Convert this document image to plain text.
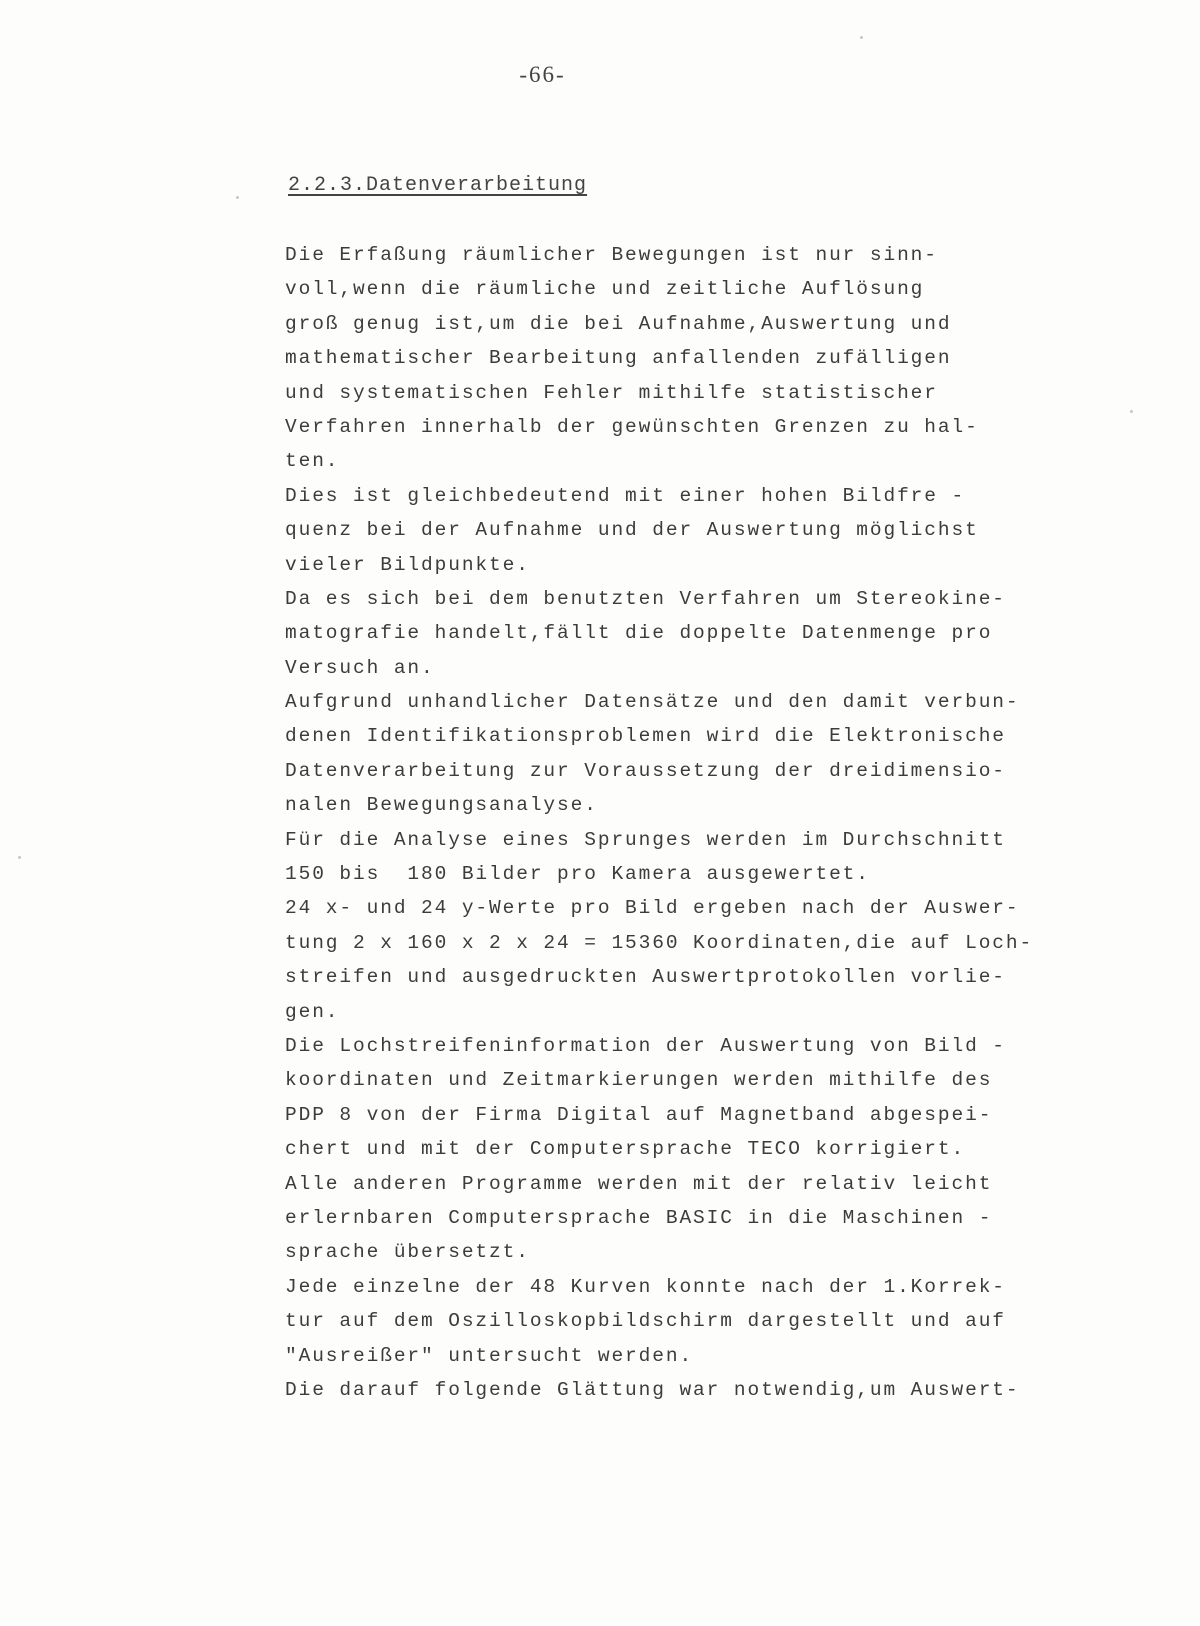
-66-
2.2.3.Datenverarbeitung
Die Erfaßung räumlicher Bewegungen ist nur sinn-
voll,wenn die räumliche und zeitliche Auflösung
groß genug ist,um die bei Aufnahme,Auswertung und
mathematischer Bearbeitung anfallenden zufälligen
und systematischen Fehler mithilfe statistischer
Verfahren innerhalb der gewünschten Grenzen zu hal-
ten.
Dies ist gleichbedeutend mit einer hohen Bildfre -
quenz bei der Aufnahme und der Auswertung möglichst
vieler Bildpunkte.
Da es sich bei dem benutzten Verfahren um Stereokine-
matografie handelt,fällt die doppelte Datenmenge pro
Versuch an.
Aufgrund unhandlicher Datensätze und den damit verbun-
denen Identifikationsproblemen wird die Elektronische
Datenverarbeitung zur Voraussetzung der dreidimensio-
nalen Bewegungsanalyse.
Für die Analyse eines Sprunges werden im Durchschnitt
150 bis  180 Bilder pro Kamera ausgewertet.
24 x- und 24 y-Werte pro Bild ergeben nach der Auswer-
tung 2 x 160 x 2 x 24 = 15360 Koordinaten,die auf Loch-
streifen und ausgedruckten Auswertprotokollen vorlie-
gen.
Die Lochstreifeninformation der Auswertung von Bild -
koordinaten und Zeitmarkierungen werden mithilfe des
PDP 8 von der Firma Digital auf Magnetband abgespei-
chert und mit der Computersprache TECO korrigiert.
Alle anderen Programme werden mit der relativ leicht
erlernbaren Computersprache BASIC in die Maschinen -
sprache übersetzt.
Jede einzelne der 48 Kurven konnte nach der 1.Korrek-
tur auf dem Oszilloskopbildschirm dargestellt und auf
"Ausreißer" untersucht werden.
Die darauf folgende Glättung war notwendig,um Auswert-
